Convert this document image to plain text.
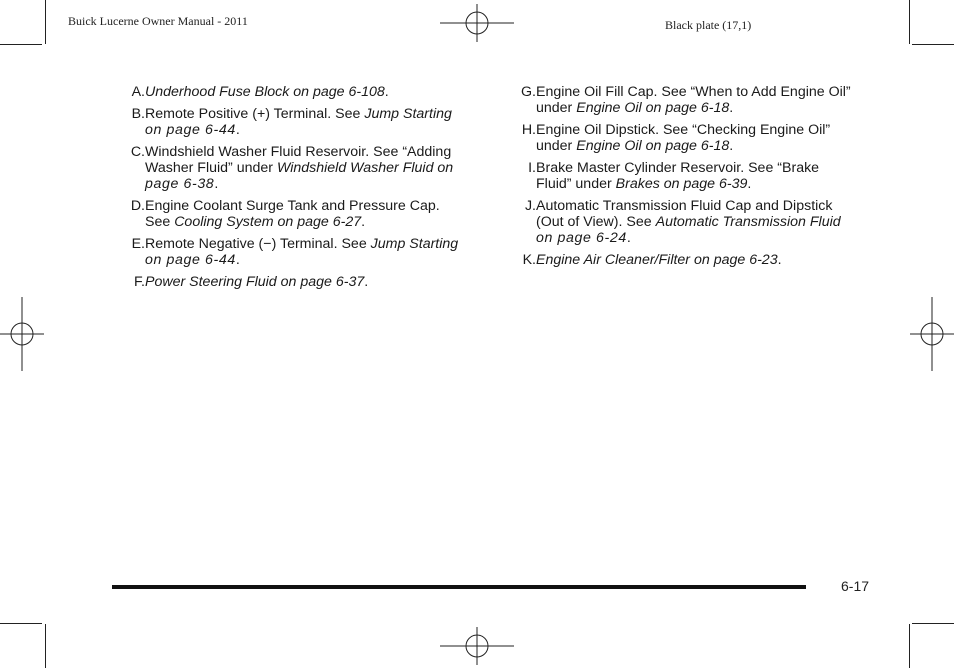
Buick Lucerne Owner Manual - 2011	Black plate (17,1)
A. Underhood Fuse Block on page 6-108.
B. Remote Positive (+) Terminal. See Jump Starting
on page 6-44.
C. Windshield Washer Fluid Reservoir. See “Adding
Washer Fluid” under Windshield Washer Fluid on
page 6-38.
D. Engine Coolant Surge Tank and Pressure Cap.
See Cooling System on page 6-27.
E. Remote Negative (−) Terminal. See Jump Starting
on page 6-44.
F. Power Steering Fluid on page 6-37.
G. Engine Oil Fill Cap. See “When to Add Engine Oil”
under Engine Oil on page 6-18.
H. Engine Oil Dipstick. See “Checking Engine Oil”
under Engine Oil on page 6-18.
I. Brake Master Cylinder Reservoir. See “Brake
Fluid” under Brakes on page 6-39.
J. Automatic Transmission Fluid Cap and Dipstick
(Out of View). See Automatic Transmission Fluid
on page 6-24.
K. Engine Air Cleaner/Filter on page 6-23.
6-17
